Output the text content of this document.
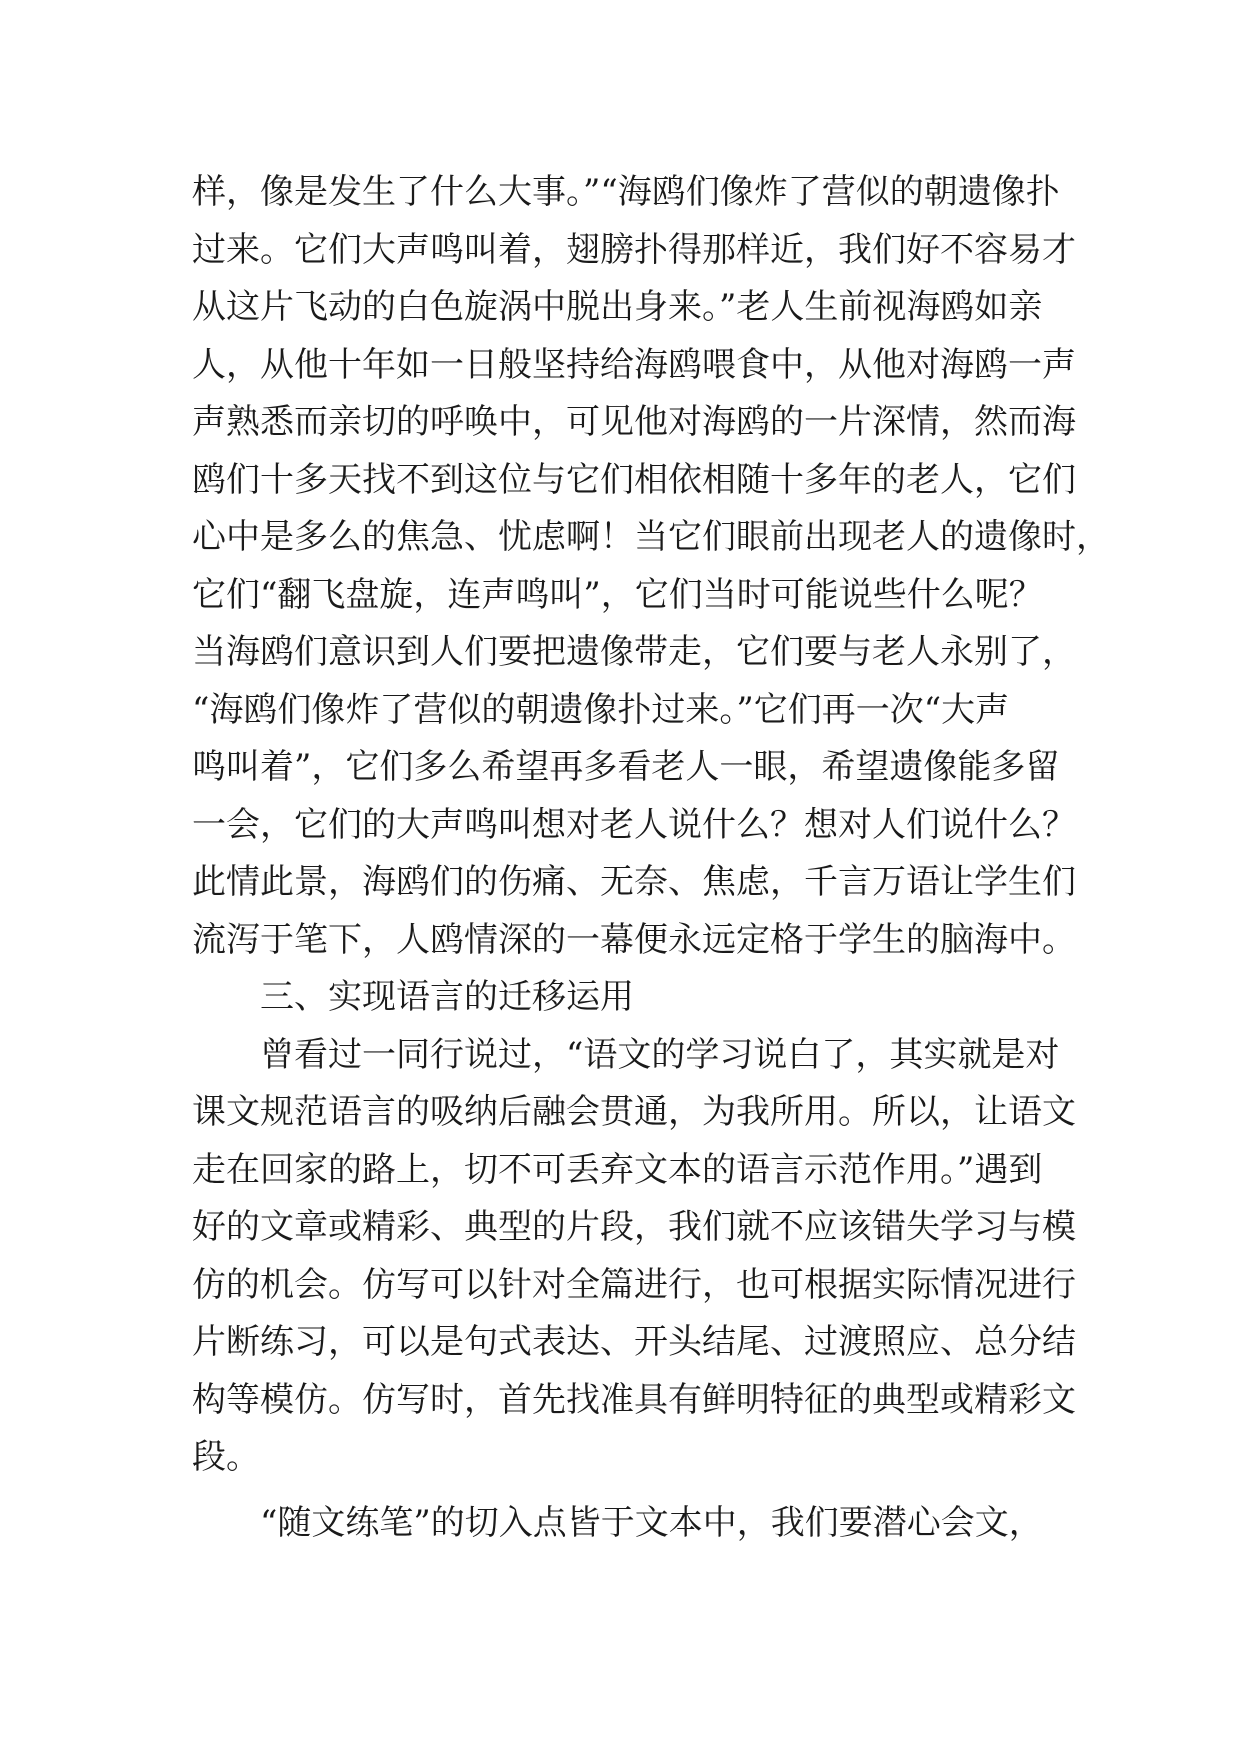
样，像是发生了什么大事。”“海鸥们像炸了营似的朝遗像扑
过来。它们大声鸣叫着，翅膀扑得那样近，我们好不容易才
从这片飞动的白色旋涡中脱出身来。”老人生前视海鸥如亲
人，从他十年如一日般坚持给海鸥喂食中，从他对海鸥一声
声熟悉而亲切的呼唤中，可见他对海鸥的一片深情，然而海
鸥们十多天找不到这位与它们相依相随十多年的老人，它们
心中是多么的焦急、忧虑啊！当它们眼前出现老人的遗像时，
它们“翻飞盘旋，连声鸣叫”，它们当时可能说些什么呢？
当海鸥们意识到人们要把遗像带走，它们要与老人永别了，
“海鸥们像炸了营似的朝遗像扑过来。”它们再一次“大声
鸣叫着”，它们多么希望再多看老人一眼，希望遗像能多留
一会，它们的大声鸣叫想对老人说什么？想对人们说什么？
此情此景，海鸥们的伤痛、无奈、焦虑，千言万语让学生们
流泻于笔下，人鸥情深的一幕便永远定格于学生的脑海中。
三、实现语言的迁移运用
曾看过一同行说过，“语文的学习说白了，其实就是对
课文规范语言的吸纳后融会贯通，为我所用。所以，让语文
走在回家的路上，切不可丢弃文本的语言示范作用。”遇到
好的文章或精彩、典型的片段，我们就不应该错失学习与模
仿的机会。仿写可以针对全篇进行，也可根据实际情况进行
片断练习，可以是句式表达、开头结尾、过渡照应、总分结
构等模仿。仿写时，首先找准具有鲜明特征的典型或精彩文
段。
“随文练笔”的切入点皆于文本中，我们要潜心会文，
